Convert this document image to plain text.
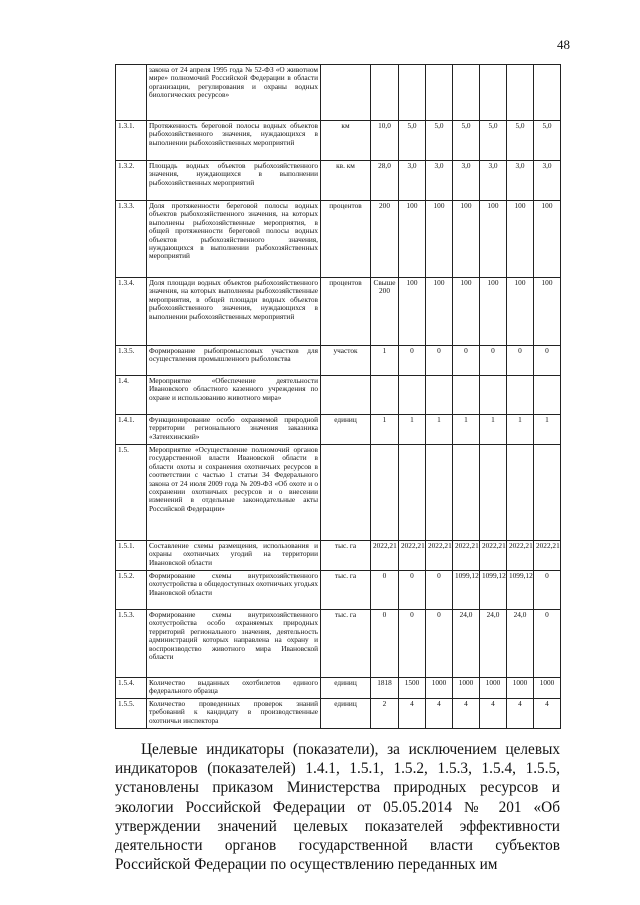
48
	закона от 24 апреля 1995 года № 52-ФЗ «О животном мире» полномочий Российской Федерации в области организации, регулирования и охраны водных биологических ресурсов»								
1.3.1.	Протяженность береговой полосы водных объектов рыбохозяйственного значения, нуждающихся в выполнении рыбохозяйственных мероприятий	км	10,0	5,0	5,0	5,0	5,0	5,0	5,0
1.3.2.	Площадь водных объектов рыбохозяйственного значения, нуждающихся в выполнении рыбохозяйственных мероприятий	кв. км	28,0	3,0	3,0	3,0	3,0	3,0	3,0
1.3.3.	Доля протяженности береговой полосы водных объектов рыбохозяйственного значения, на которых выполнены рыбохозяйственные мероприятия, в общей протяженности береговой полосы водных объектов рыбохозяйственного значения, нуждающихся в выполнении рыбохозяйственных мероприятий	процентов	200	100	100	100	100	100	100
1.3.4.	Доля площади водных объектов рыбохозяйственного значения, на которых выполнены рыбохозяйственные мероприятия, в общей площади водных объектов рыбохозяйственного значения, нуждающихся в выполнении рыбохозяйственных мероприятий	процентов	Свыше 200	100	100	100	100	100	100
1.3.5.	Формирование рыбопромысловых участков для осуществления промышленного рыболовства	участок	1	0	0	0	0	0	0
1.4.	Мероприятие «Обеспечение деятельности Ивановского областного казенного учреждения по охране и использованию животного мира»								
1.4.1.	Функционирование особо охраняемой природной территории регионального значения заказника «Затеихинский»	единиц	1	1	1	1	1	1	1
1.5.	Мероприятие «Осуществление полномочий органов государственной власти Ивановской области в области охоты и сохранения охотничьих ресурсов в соответствии с частью 1 статьи 34 Федерального закона от 24 июля 2009 года № 209-ФЗ «Об охоте и о сохранении охотничьих ресурсов и о внесении изменений в отдельные законодательные акты Российской Федерации»								
1.5.1.	Составление схемы размещения, использования и охраны охотничьих угодий на территории Ивановской области	тыс. га	2022,21	2022,21	2022,21	2022,21	2022,21	2022,21	2022,21
1.5.2.	Формирование схемы внутрихозяйственного охотустройства в общедоступных охотничьих угодьях Ивановской области	тыс. га	0	0	0	1099,12	1099,12	1099,12	0
1.5.3.	Формирование схемы внутрихозяйственного охотустройства особо охраняемых природных территорий регионального значения, деятельность администраций которых направлена на охрану и воспроизводство животного мира Ивановской области	тыс. га	0	0	0	24,0	24,0	24,0	0
1.5.4.	Количество выданных охотбилетов единого федерального образца	единиц	1818	1500	1000	1000	1000	1000	1000
1.5.5.	Количество проведенных проверок знаний требований к кандидату в производственные охотничьи инспектора	единиц	2	4	4	4	4	4	4
Целевые индикаторы (показатели), за исключением целевых индикаторов (показателей) 1.4.1, 1.5.1, 1.5.2, 1.5.3, 1.5.4, 1.5.5, установлены приказом Министерства природных ресурсов и экологии Российской Федерации от 05.05.2014 № 201 «Об утверждении значений целевых показателей эффективности деятельности органов государственной власти субъектов Российской Федерации по осуществлению переданных им
